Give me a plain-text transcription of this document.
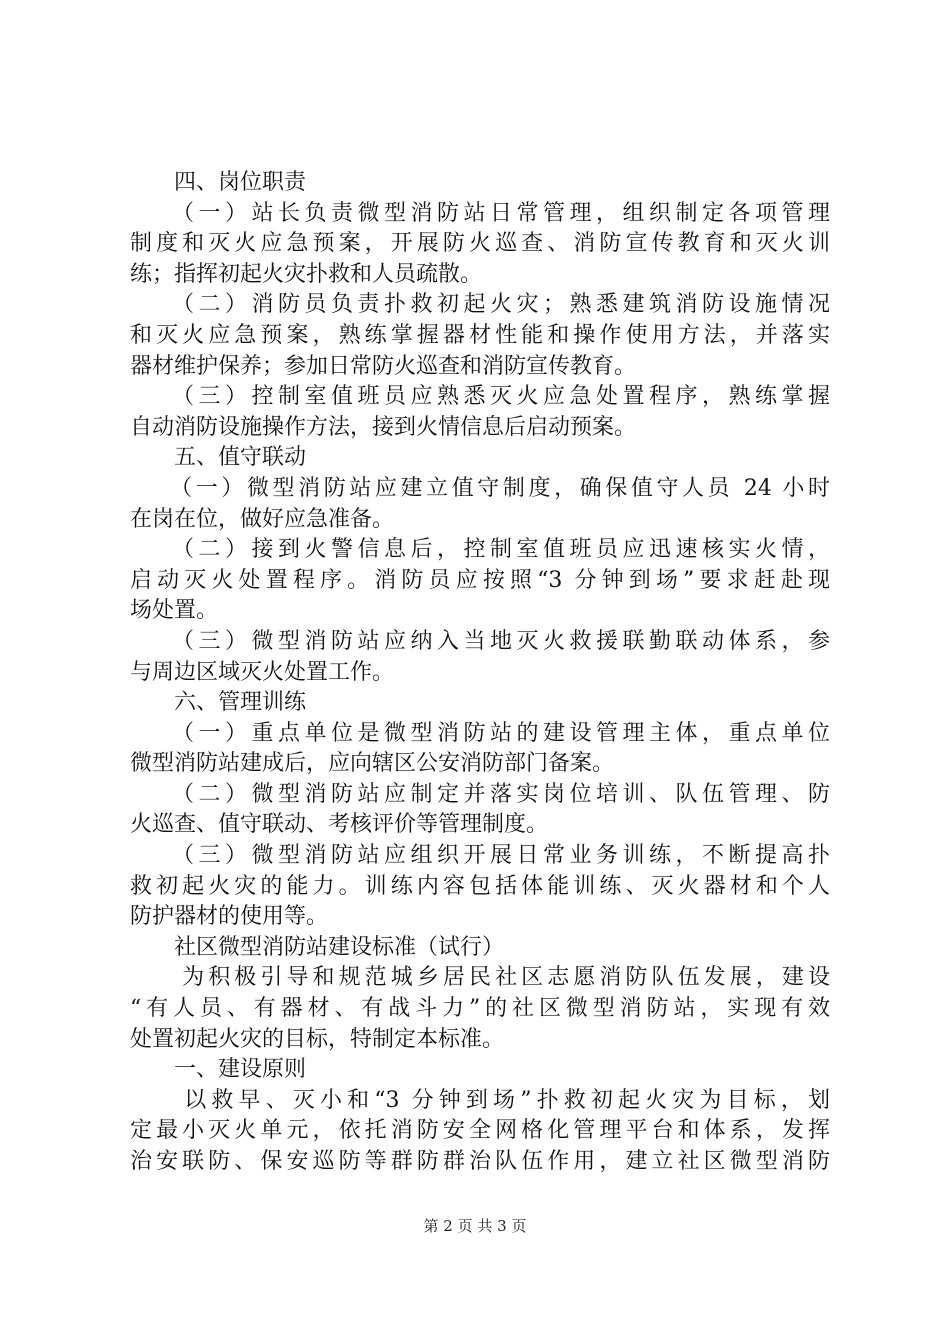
　　四、岗位职责
　　（一）站长负责微型消防站日常管理，组织制定各项管理
制度和灭火应急预案，开展防火巡查、消防宣传教育和灭火训
练；指挥初起火灾扑救和人员疏散。
　　（二）消防员负责扑救初起火灾；熟悉建筑消防设施情况
和灭火应急预案，熟练掌握器材性能和操作使用方法，并落实
器材维护保养；参加日常防火巡查和消防宣传教育。
　　（三）控制室值班员应熟悉灭火应急处置程序，熟练掌握
自动消防设施操作方法，接到火情信息后启动预案。
　　五、值守联动
　　（一）微型消防站应建立值守制度，确保值守人员 24 小时
在岗在位，做好应急准备。
　　（二）接到火警信息后，控制室值班员应迅速核实火情，
启动灭火处置程序。消防员应按照“3 分钟到场”要求赶赴现
场处置。
　　（三）微型消防站应纳入当地灭火救援联勤联动体系，参
与周边区域灭火处置工作。
　　六、管理训练
　　（一）重点单位是微型消防站的建设管理主体，重点单位
微型消防站建成后，应向辖区公安消防部门备案。
　　（二）微型消防站应制定并落实岗位培训、队伍管理、防
火巡查、值守联动、考核评价等管理制度。
　　（三）微型消防站应组织开展日常业务训练，不断提高扑
救初起火灾的能力。训练内容包括体能训练、灭火器材和个人
防护器材的使用等。
　　社区微型消防站建设标准（试行）
　　为积极引导和规范城乡居民社区志愿消防队伍发展，建设
“有人员、有器材、有战斗力”的社区微型消防站，实现有效
处置初起火灾的目标，特制定本标准。
　　一、建设原则
　　以救早、灭小和“3 分钟到场”扑救初起火灾为目标，划
定最小灭火单元，依托消防安全网格化管理平台和体系，发挥
治安联防、保安巡防等群防群治队伍作用，建立社区微型消防
第 2 页 共 3 页
